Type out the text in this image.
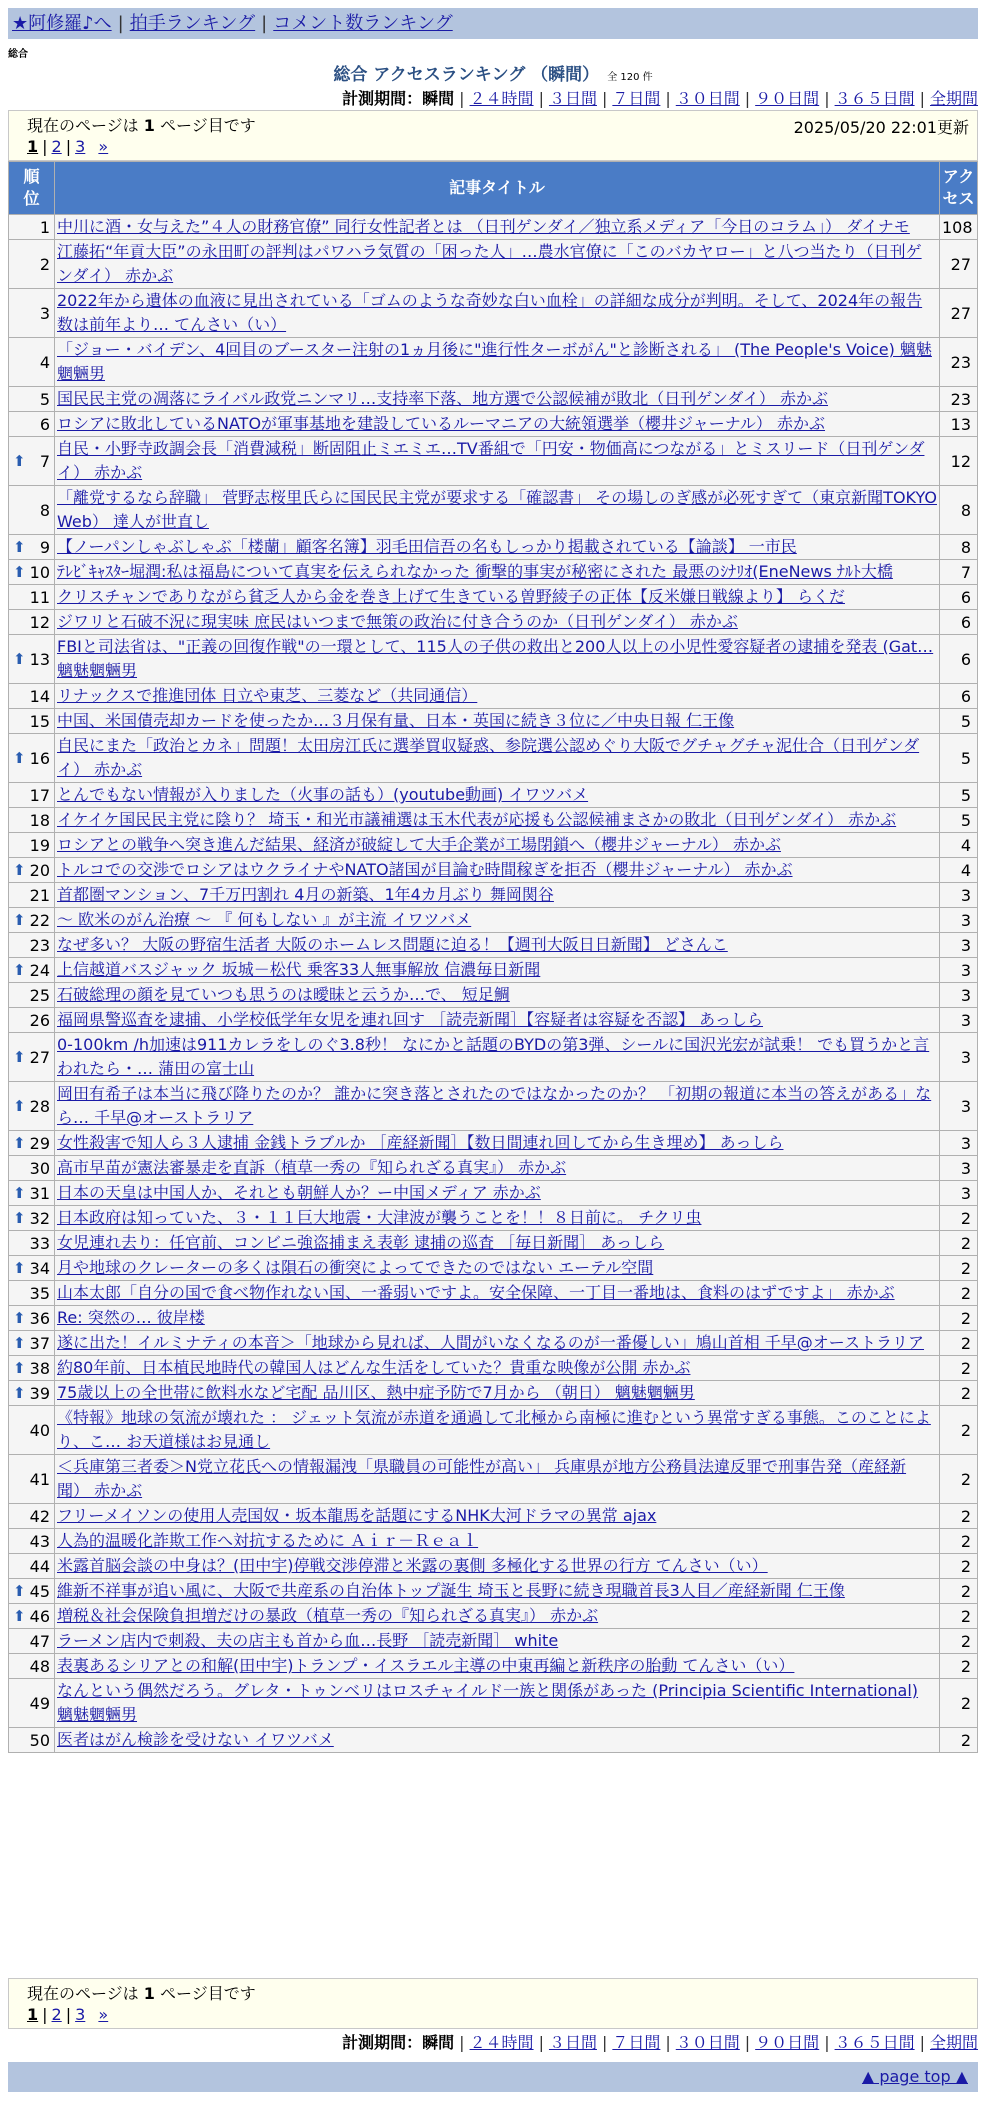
★阿修羅♪へ | 拍手ランキング | コメント数ランキング
総合
総合 アクセスランキング （瞬間） 全 120 件
計測期間：瞬間 | ２４時間 | ３日間 | ７日間 | ３０日間 | ９０日間 | ３６５日間 | 全期間
現在のページは 1 ページ目です
1 | 2 | 3 »
2025/05/20 22:01更新
順
位	記事タイトル	アク
セス
1	中川に酒・女与えた”４人の財務官僚” 同行女性記者とは （日刊ゲンダイ／独立系メディア「今日のコラム」） ダイナモ	108
2	江藤拓“年貢大臣”の永田町の評判はパワハラ気質の「困った人」…農水官僚に「このバカヤロー」と八つ当たり（日刊ゲンダイ） 赤かぶ	27
3	2022年から遺体の血液に見出されている「ゴムのような奇妙な白い血栓」の詳細な成分が判明。そして、2024年の報告数は前年より… てんさい（い）	27
4	「ジョー・バイデン、4回目のブースター注射の1ヵ月後に"進行性ターボがん"と診断される」 (The People's Voice) 魑魅魍魎男	23
5	国民民主党の凋落にライバル政党ニンマリ…支持率下落、地方選で公認候補が敗北（日刊ゲンダイ） 赤かぶ	23
6	ロシアに敗北しているNATOが軍事基地を建設しているルーマニアの大統領選挙（櫻井ジャーナル） 赤かぶ	13

⬆ 7	自民・小野寺政調会長「消費減税」断固阻止ミエミエ…TV番組で「円安・物価高につながる」とミスリード（日刊ゲンダイ） 赤かぶ	12
8	「離党するなら辞職」 菅野志桜里氏らに国民民主党が要求する「確認書」 その場しのぎ感が必死すぎて（東京新聞TOKYO Web） 達人が世直し	8

⬆ 9	【ノーパンしゃぶしゃぶ「楼蘭」顧客名簿】羽毛田信吾の名もしっかり掲載されている【論談】 一市民	8

⬆ 10	ﾃﾚﾋﾞｷｬｽﾀｰ堀潤:私は福島について真実を伝えられなかった 衝撃的事実が秘密にされた 最悪のｼﾅﾘｵ(EneNews ﾅﾙﾄ大橋	7
11	クリスチャンでありながら貧乏人から金を巻き上げて生きている曽野綾子の正体【反米嫌日戦線より】 らくだ	6
12	ジワリと石破不況に現実味 庶民はいつまで無策の政治に付き合うのか（日刊ゲンダイ） 赤かぶ	6

⬆ 13	FBIと司法省は、"正義の回復作戦"の一環として、115人の子供の救出と200人以上の小児性愛容疑者の逮捕を発表 (Gat… 魑魅魍魎男	6
14	リナックスで推進団体 日立や東芝、三菱など（共同通信）	6
15	中国、米国債売却カードを使ったか…３月保有量、日本・英国に続き３位に／中央日報 仁王像	5

⬆ 16	自民にまた「政治とカネ」問題！太田房江氏に選挙買収疑惑、参院選公認めぐり大阪でグチャグチャ泥仕合（日刊ゲンダイ） 赤かぶ	5
17	とんでもない情報が入りました（火事の話も）(youtube動画) イワツバメ	5
18	イケイケ国民民主党に陰り？ 埼玉・和光市議補選は玉木代表が応援も公認候補まさかの敗北（日刊ゲンダイ） 赤かぶ	5
19	ロシアとの戦争へ突き進んだ結果、経済が破綻して大手企業が工場閉鎖へ（櫻井ジャーナル） 赤かぶ	4

⬆ 20	トルコでの交渉でロシアはウクライナやNATO諸国が目論む時間稼ぎを拒否（櫻井ジャーナル） 赤かぶ	4
21	首都圏マンション、7千万円割れ 4月の新築、1年4カ月ぶり 舞岡関谷	3

⬆ 22	～ 欧米のがん治療 ～ 『 何もしない 』が主流 イワツバメ	3
23	なぜ多い？ 大阪の野宿生活者 大阪のホームレス問題に迫る！【週刊大阪日日新聞】 どさんこ	3

⬆ 24	上信越道バスジャック 坂城－松代 乗客33人無事解放 信濃毎日新聞	3
25	石破総理の顔を見ていつも思うのは曖昧と云うか…で、 短足鯛	3
26	福岡県警巡査を逮捕、小学校低学年女児を連れ回す ［読売新聞］【容疑者は容疑を否認】 あっしら	3

⬆ 27	0-100km /h加速は911カレラをしのぐ3.8秒！ なにかと話題のBYDの第3弾、シールに国沢光宏が試乗！ でも買うかと言われたら・… 蒲田の富士山	3

⬆ 28	岡田有希子は本当に飛び降りたのか？ 誰かに突き落とされたのではなかったのか？ 「初期の報道に本当の答えがある」なら… 千早@オーストラリア	3

⬆ 29	女性殺害で知人ら３人逮捕 金銭トラブルか ［産経新聞］【数日間連れ回してから生き埋め】 あっしら	3
30	高市早苗が憲法審暴走を直訴（植草一秀の『知られざる真実』） 赤かぶ	3

⬆ 31	日本の天皇は中国人か、それとも朝鮮人か？ー中国メディア 赤かぶ	3

⬆ 32	日本政府は知っていた、３・１１巨大地震・大津波が襲うことを！！８日前に。 チクリ虫	2
33	女児連れ去り：任官前、コンビニ強盗捕まえ表彰 逮捕の巡査 ［毎日新聞］ あっしら	2

⬆ 34	月や地球のクレーターの多くは隕石の衝突によってできたのではない エーテル空間	2
35	山本太郎「自分の国で食べ物作れない国、一番弱いですよ。安全保障、一丁目一番地は、食料のはずですよ」 赤かぶ	2

⬆ 36	Re: 突然の… 彼岸楼	2

⬆ 37	遂に出た！イルミナティの本音＞「地球から見れば、人間がいなくなるのが一番優しい」鳩山首相 千早@オーストラリア	2

⬆ 38	約80年前、日本植民地時代の韓国人はどんな生活をしていた？貴重な映像が公開 赤かぶ	2

⬆ 39	75歳以上の全世帯に飲料水など宅配 品川区、熱中症予防で7月から （朝日） 魑魅魍魎男	2
40	《特報》地球の気流が壊れた ： ジェット気流が赤道を通過して北極から南極に進むという異常すぎる事態。このことにより、こ… お天道様はお見通し	2
41	＜兵庫第三者委＞N党立花氏への情報漏洩「県職員の可能性が高い」 兵庫県が地方公務員法違反罪で刑事告発（産経新聞） 赤かぶ	2
42	フリーメイソンの使用人売国奴・坂本龍馬を話題にするNHK大河ドラマの異常 ajax	2
43	人為的温暖化詐欺工作へ対抗するために Ａｉｒ－Ｒｅａｌ	2
44	米露首脳会談の中身は？(田中宇)停戦交渉停滞と米露の裏側 多極化する世界の行方 てんさい（い）	2

⬆ 45	維新不祥事が追い風に、大阪で共産系の自治体トップ誕生 埼玉と長野に続き現職首長3人目／産経新聞 仁王像	2

⬆ 46	増税＆社会保険負担増だけの暴政（植草一秀の『知られざる真実』） 赤かぶ	2
47	ラーメン店内で刺殺、夫の店主も首から血…長野 ［読売新聞］ white	2
48	表裏あるシリアとの和解(田中宇)トランプ・イスラエル主導の中東再編と新秩序の胎動 てんさい（い）	2
49	なんという偶然だろう。グレタ・トゥンベリはロスチャイルド一族と関係があった (Principia Scientific International) 魑魅魍魎男	2
50	医者はがん検診を受けない イワツバメ	2
現在のページは 1 ページ目です
1 | 2 | 3 »
計測期間：瞬間 | ２４時間 | ３日間 | ７日間 | ３０日間 | ９０日間 | ３６５日間 | 全期間
▲ page top ▲
